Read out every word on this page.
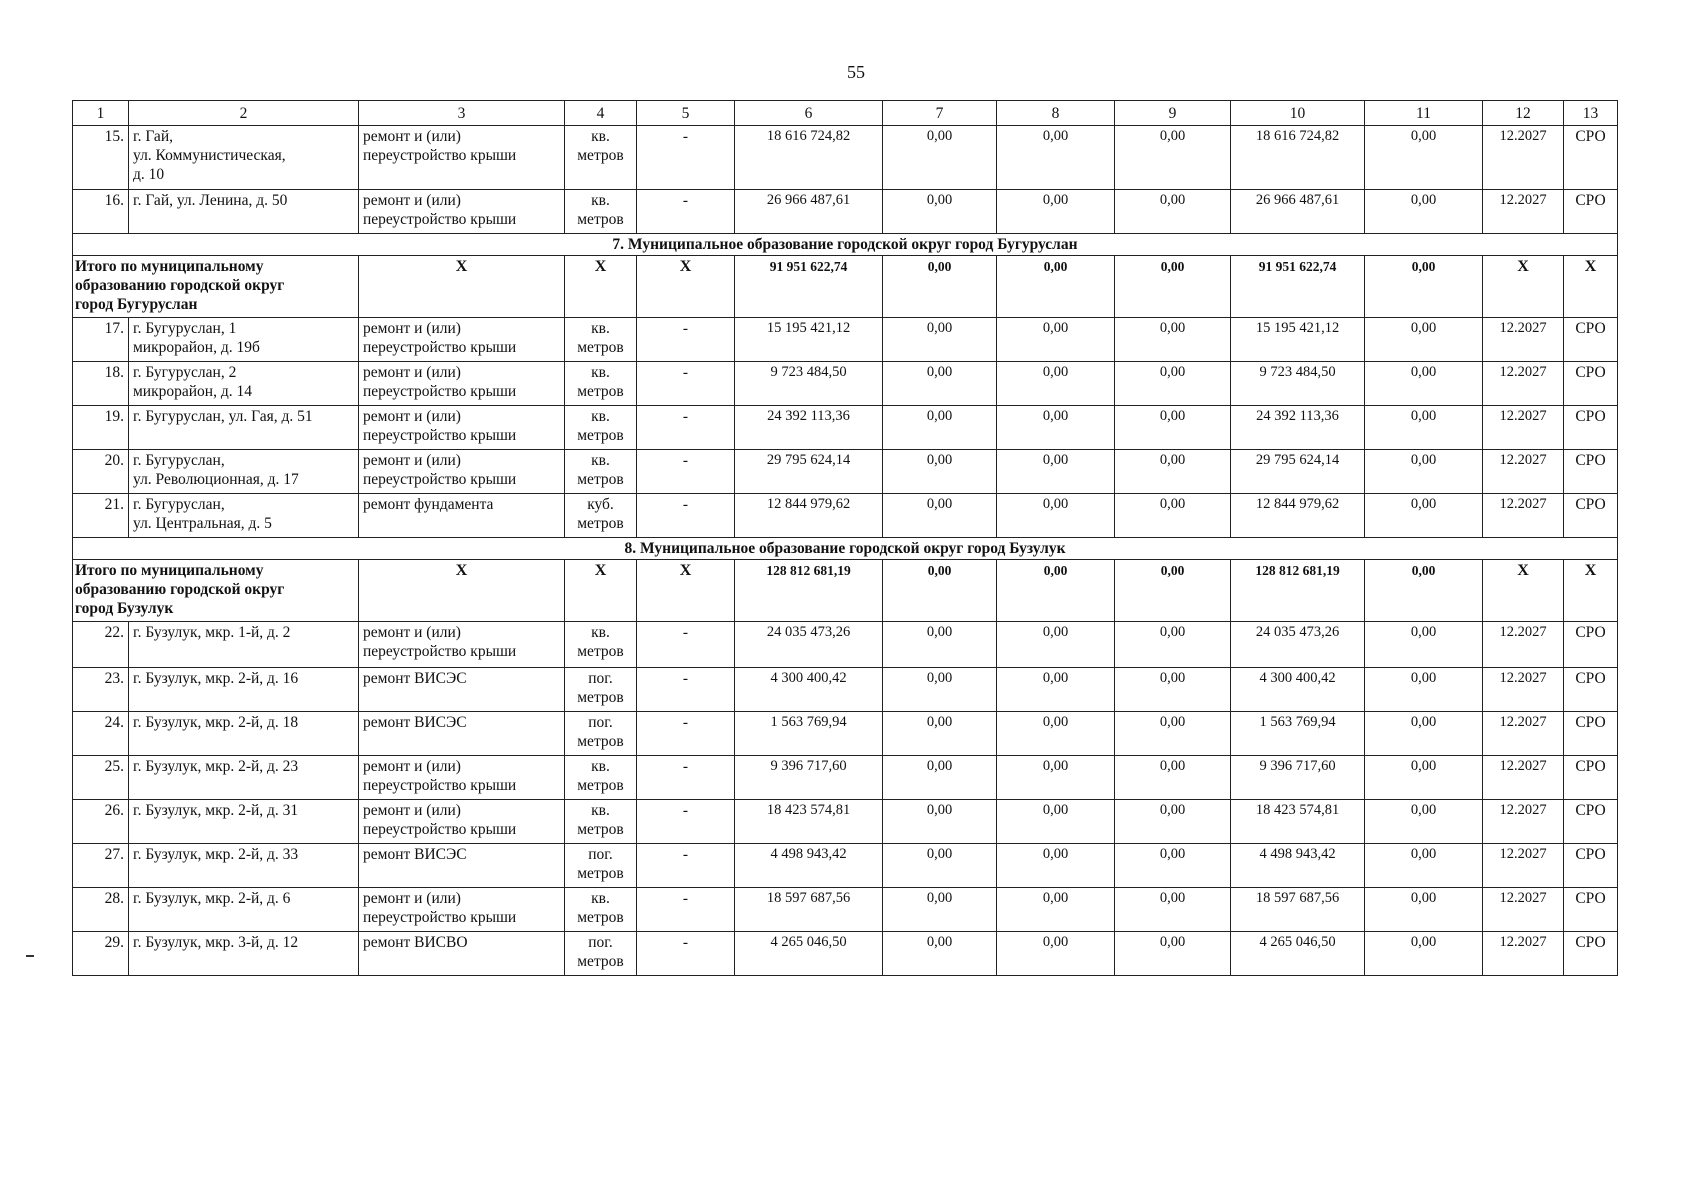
55
1	2	3	4	5	6	7	8	9	10	11	12	13
15.	г. Гай,
ул. Коммунистическая,
д. 10	ремонт и (или)
переустройство крыши	кв.
метров	-	18 616 724,82	0,00	0,00	0,00	18 616 724,82	0,00	12.2027	СРО
16.	г. Гай, ул. Ленина, д. 50	ремонт и (или)
переустройство крыши	кв.
метров	-	26 966 487,61	0,00	0,00	0,00	26 966 487,61	0,00	12.2027	СРО
7. Муниципальное образование городской округ город Бугуруслан												
Итого по муниципальному
образованию городской округ
город Бугуруслан		Х	Х	Х	91 951 622,74	0,00	0,00	0,00	91 951 622,74	0,00	Х	Х
17.	г. Бугуруслан, 1
микрорайон, д. 19б	ремонт и (или)
переустройство крыши	кв.
метров	-	15 195 421,12	0,00	0,00	0,00	15 195 421,12	0,00	12.2027	СРО
18.	г. Бугуруслан, 2
микрорайон, д. 14	ремонт и (или)
переустройство крыши	кв.
метров	-	9 723 484,50	0,00	0,00	0,00	9 723 484,50	0,00	12.2027	СРО
19.	г. Бугуруслан, ул. Гая, д. 51	ремонт и (или)
переустройство крыши	кв.
метров	-	24 392 113,36	0,00	0,00	0,00	24 392 113,36	0,00	12.2027	СРО
20.	г. Бугуруслан,
ул. Революционная, д. 17	ремонт и (или)
переустройство крыши	кв.
метров	-	29 795 624,14	0,00	0,00	0,00	29 795 624,14	0,00	12.2027	СРО
21.	г. Бугуруслан,
ул. Центральная, д. 5	ремонт фундамента	куб.
метров	-	12 844 979,62	0,00	0,00	0,00	12 844 979,62	0,00	12.2027	СРО
8. Муниципальное образование городской округ город Бузулук												
Итого по муниципальному
образованию городской округ
город Бузулук		Х	Х	Х	128 812 681,19	0,00	0,00	0,00	128 812 681,19	0,00	Х	Х
22.	г. Бузулук, мкр. 1-й, д. 2	ремонт и (или)
переустройство крыши	кв.
метров	-	24 035 473,26	0,00	0,00	0,00	24 035 473,26	0,00	12.2027	СРО
23.	г. Бузулук, мкр. 2-й, д. 16	ремонт ВИСЭС	пог.
метров	-	4 300 400,42	0,00	0,00	0,00	4 300 400,42	0,00	12.2027	СРО
24.	г. Бузулук, мкр. 2-й, д. 18	ремонт ВИСЭС	пог.
метров	-	1 563 769,94	0,00	0,00	0,00	1 563 769,94	0,00	12.2027	СРО
25.	г. Бузулук, мкр. 2-й, д. 23	ремонт и (или)
переустройство крыши	кв.
метров	-	9 396 717,60	0,00	0,00	0,00	9 396 717,60	0,00	12.2027	СРО
26.	г. Бузулук, мкр. 2-й, д. 31	ремонт и (или)
переустройство крыши	кв.
метров	-	18 423 574,81	0,00	0,00	0,00	18 423 574,81	0,00	12.2027	СРО
27.	г. Бузулук, мкр. 2-й, д. 33	ремонт ВИСЭС	пог.
метров	-	4 498 943,42	0,00	0,00	0,00	4 498 943,42	0,00	12.2027	СРО
28.	г. Бузулук, мкр. 2-й, д. 6	ремонт и (или)
переустройство крыши	кв.
метров	-	18 597 687,56	0,00	0,00	0,00	18 597 687,56	0,00	12.2027	СРО
29.	г. Бузулук, мкр. 3-й, д. 12	ремонт ВИСВО	пог.
метров	-	4 265 046,50	0,00	0,00	0,00	4 265 046,50	0,00	12.2027	СРО
